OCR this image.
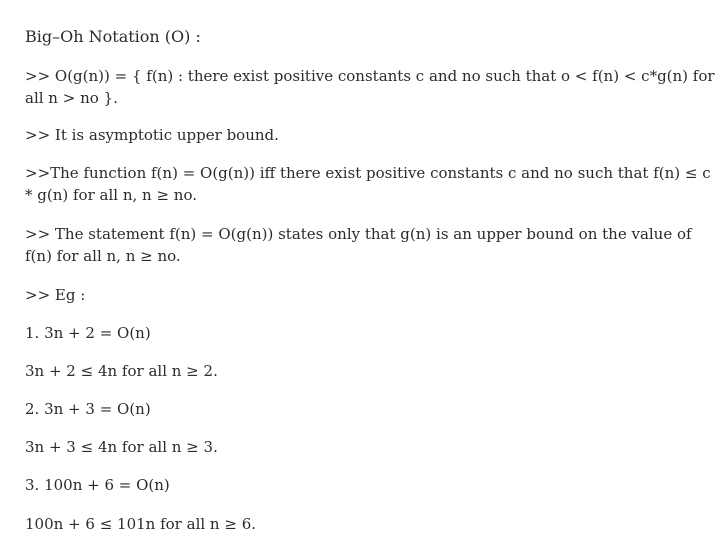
Big–Oh Notation (O) :
>> O(g(n)) = { f(n) : there exist positive constants c and no such that o < f(n) < c*g(n) for
all n > no }.
>> It is asymptotic upper bound.
>>The function f(n) = O(g(n)) iff there exist positive constants c and no such that f(n) ≤ c
* g(n) for all n, n ≥ no.
>> The statement f(n) = O(g(n)) states only that g(n) is an upper bound on the value of
f(n) for all n, n ≥ no.
>> Eg :
1. 3n + 2 = O(n)
3n + 2 ≤ 4n for all n ≥ 2.
2. 3n + 3 = O(n)
3n + 3 ≤ 4n for all n ≥ 3.
3. 100n + 6 = O(n)
100n + 6 ≤ 101n for all n ≥ 6.
